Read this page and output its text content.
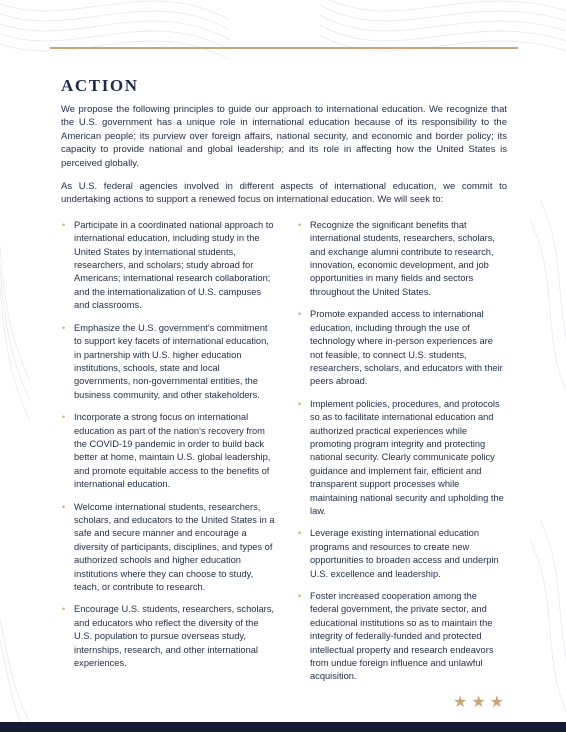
ACTION

We propose the following principles to guide our approach to international education. We recognize that the U.S. government has a unique role in international education because of its responsibility to the American people; its purview over foreign affairs, national security, and economic and border policy; its capacity to provide national and global leadership; and its role in affecting how the United States is perceived globally.

As U.S. federal agencies involved in different aspects of international education, we commit to undertaking actions to support a renewed focus on international education. We will seek to:

• Participate in a coordinated national approach to international education, including study in the United States by international students, researchers, and scholars; study abroad for Americans; international research collaboration; and the internationalization of U.S. campuses and classrooms.
• Emphasize the U.S. government's commitment to support key facets of international education, in partnership with U.S. higher education institutions, schools, state and local governments, non-governmental entities, the business community, and other stakeholders.
• Incorporate a strong focus on international education as part of the nation's recovery from the COVID-19 pandemic in order to build back better at home, maintain U.S. global leadership, and promote equitable access to the benefits of international education.
• Welcome international students, researchers, scholars, and educators to the United States in a safe and secure manner and encourage a diversity of participants, disciplines, and types of authorized schools and higher education institutions where they can choose to study, teach, or contribute to research.
• Encourage U.S. students, researchers, scholars, and educators who reflect the diversity of the U.S. population to pursue overseas study, internships, research, and other international experiences.
• Recognize the significant benefits that international students, researchers, scholars, and exchange alumni contribute to research, innovation, economic development, and job opportunities in many fields and sectors throughout the United States.
• Promote expanded access to international education, including through the use of technology where in-person experiences are not feasible, to connect U.S. students, researchers, scholars, and educators with their peers abroad.
• Implement policies, procedures, and protocols so as to facilitate international education and authorized practical experiences while promoting program integrity and protecting national security. Clearly communicate policy guidance and implement fair, efficient and transparent support processes while maintaining national security and upholding the law.
• Leverage existing international education programs and resources to create new opportunities to broaden access and underpin U.S. excellence and leadership.
• Foster increased cooperation among the federal government, the private sector, and educational institutions so as to maintain the integrity of federally-funded and protected intellectual property and research endeavors from undue foreign influence and unlawful acquisition.
★ ★ ★
